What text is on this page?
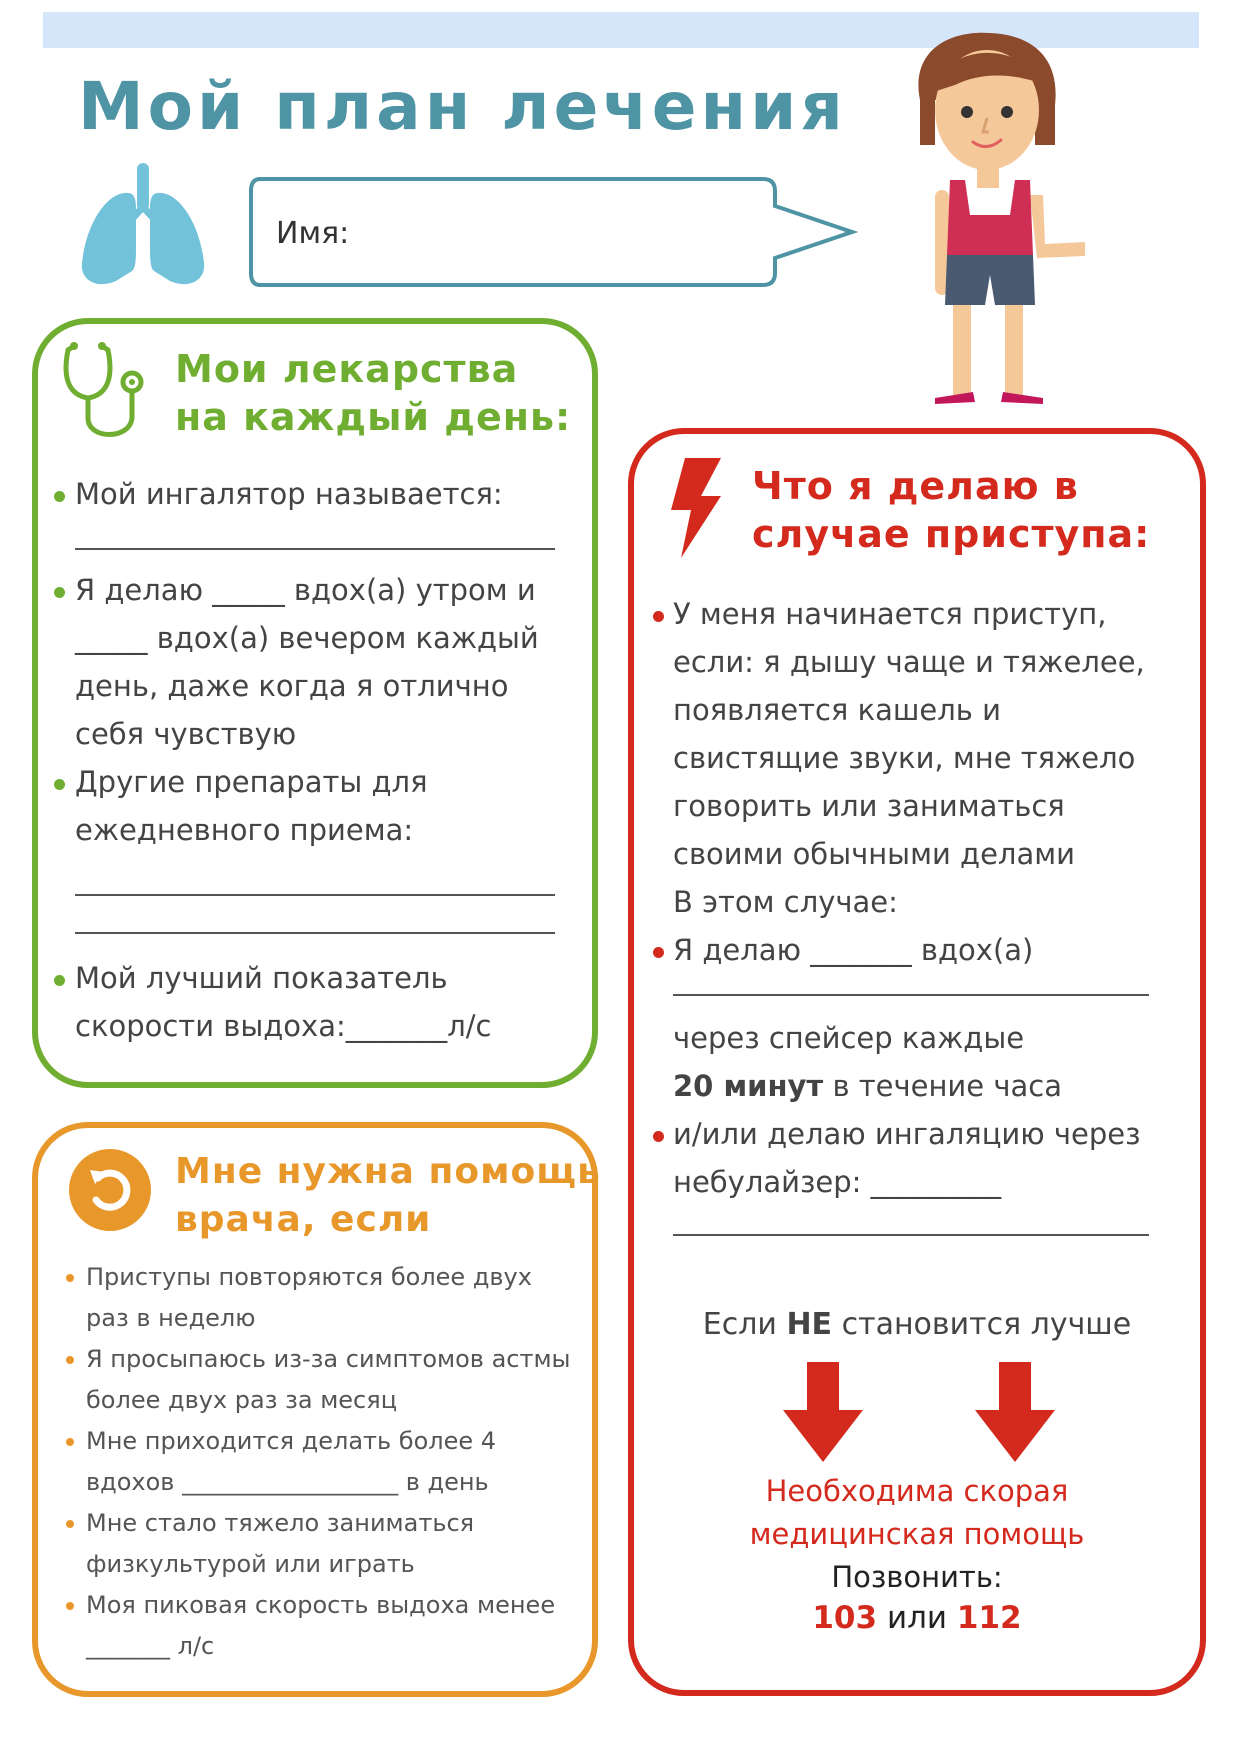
Мой план лечения
Имя:
Мои лекарства
на каждый день:
Мой ингалятор называется:
Я делаю _____ вдох(а) утром и _____ вдох(а) вечером каждый день, даже когда я отлично себя чувствую
Другие препараты для ежедневного приема:
Мой лучший показатель скорости выдоха:_______л/с
Мне нужна помощь
врача, если
Приступы повторяются более двух раз в неделю
Я просыпаюсь из-за симптомов астмы более двух раз за месяц
Мне приходится делать более 4 вдохов __________________ в день
Мне стало тяжело заниматься физкультурой или играть
Моя пиковая скорость выдоха менее _______ л/с
Что я делаю в
случае приступа:
У меня начинается приступ, если: я дышу чаще и тяжелее, появляется кашель и свистящие звуки, мне тяжело говорить или заниматься своими обычными делами
В этом случае:
Я делаю _______ вдох(а)
через спейсер каждые
20 минут в течение часа
и/или делаю ингаляцию через небулайзер: _________
Если НЕ становится лучше
Необходима скорая
медицинская помощь
Позвонить:
103 или 112
